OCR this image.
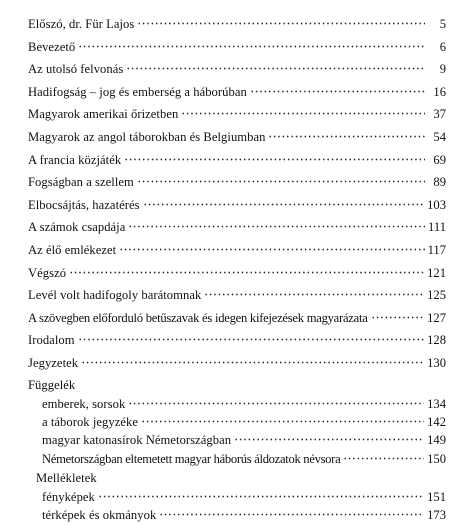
Előszó, dr. Für Lajos	5
Bevezető	6
Az utolsó felvonás	9
Hadifogság – jog és emberség a háborúban	16
Magyarok amerikai őrizetben	37
Magyarok az angol táborokban és Belgiumban	54
A francia közjáték	69
Fogságban a szellem	89
Elbocsájtás, hazatérés	103
A számok csapdája	111
Az élő emlékezet	117
Végszó	121
Levél volt hadifogoly barátomnak	125
A szövegben előforduló betűszavak és idegen kifejezések magyarázata	127
Irodalom	128
Jegyzetek	130
Függelék
emberek, sorsok	134
a táborok jegyzéke	142
magyar katonasírok Németországban	149
Németországban eltemetett magyar háborús áldozatok névsora	150
Mellékletek
fényképek	151
térképek és okmányok	173
